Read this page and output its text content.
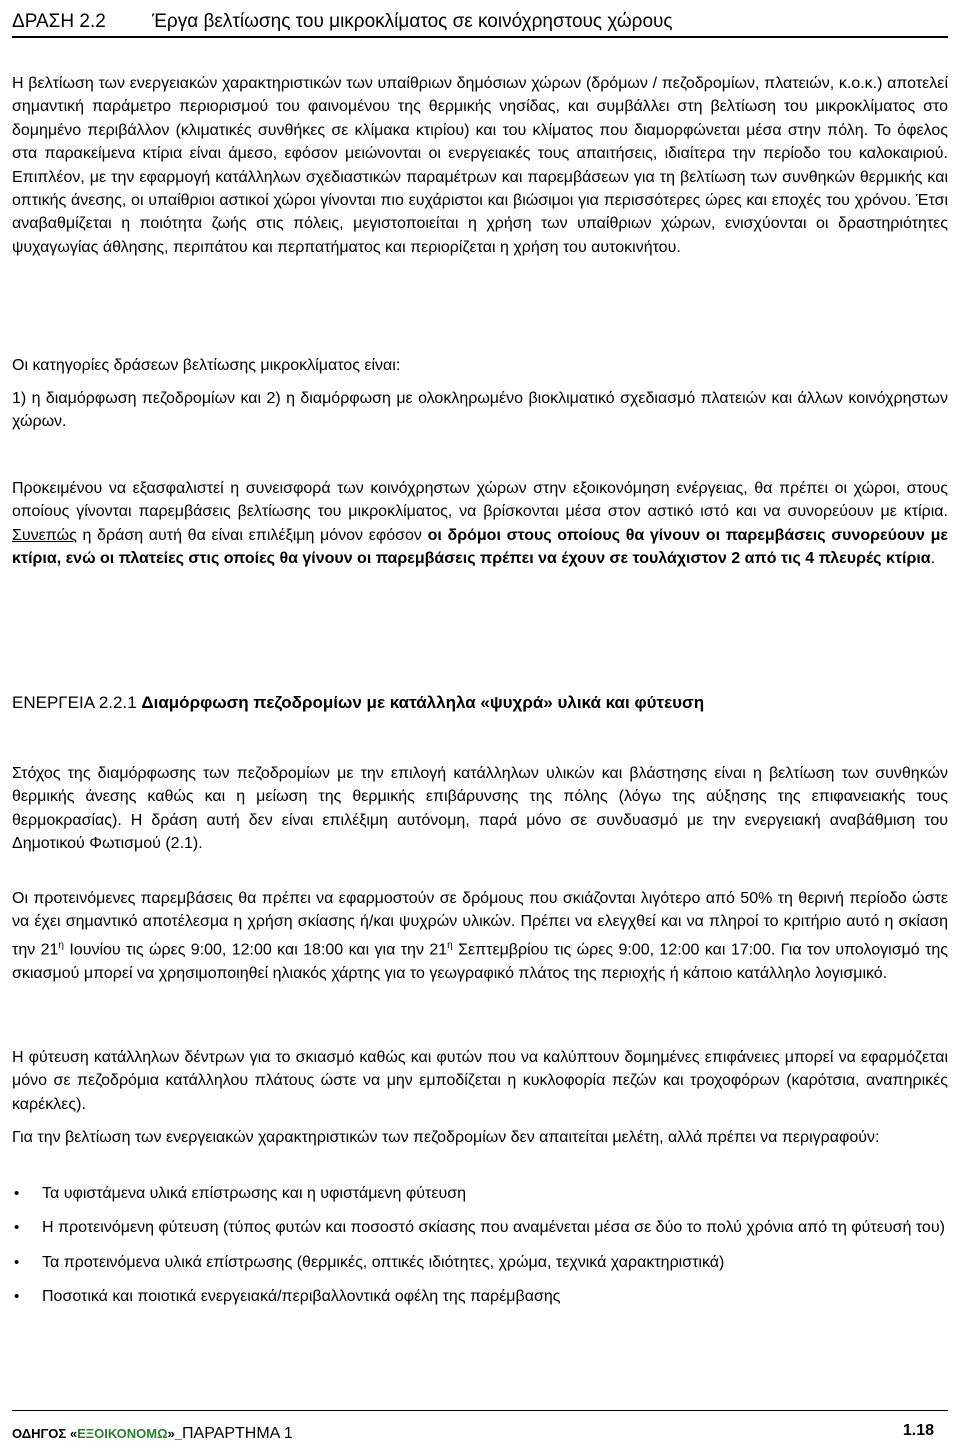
ΔΡΑΣΗ 2.2 Έργα βελτίωσης του μικροκλίματος σε κοινόχρηστους χώρους

Η βελτίωση των ενεργειακών χαρακτηριστικών των υπαίθριων δημόσιων χώρων (δρόμων / πεζοδρομίων, πλατειών, κ.ο.κ.) αποτελεί σημαντική παράμετρο περιορισμού του φαινομένου της θερμικής νησίδας, και συμβάλλει στη βελτίωση του μικροκλίματος στο δομημένο περιβάλλον (κλιματικές συνθήκες σε κλίμακα κτιρίου) και του κλίματος που διαμορφώνεται μέσα στην πόλη. Το όφελος στα παρακείμενα κτίρια είναι άμεσο, εφόσον μειώνονται οι ενεργειακές τους απαιτήσεις, ιδιαίτερα την περίοδο του καλοκαιριού. Επιπλέον, με την εφαρμογή κατάλληλων σχεδιαστικών παραμέτρων και παρεμβάσεων για τη βελτίωση των συνθηκών θερμικής και οπτικής άνεσης, οι υπαίθριοι αστικοί χώροι γίνονται πιο ευχάριστοι και βιώσιμοι για περισσότερες ώρες και εποχές του χρόνου. Έτσι αναβαθμίζεται η ποιότητα ζωής στις πόλεις, μεγιστοποιείται η χρήση των υπαίθριων χώρων, ενισχύονται οι δραστηριότητες ψυχαγωγίας άθλησης, περιπάτου και περπατήματος και περιορίζεται η χρήση του αυτοκινήτου.

Οι κατηγορίες δράσεων βελτίωσης μικροκλίματος είναι:

1) η διαμόρφωση πεζοδρομίων και 2) η διαμόρφωση με ολοκληρωμένο βιοκλιματικό σχεδιασμό πλατειών και άλλων κοινόχρηστων χώρων.

Προκειμένου να εξασφαλιστεί η συνεισφορά των κοινόχρηστων χώρων στην εξοικονόμηση ενέργειας, θα πρέπει οι χώροι, στους οποίους γίνονται παρεμβάσεις βελτίωσης του μικροκλίματος, να βρίσκονται μέσα στον αστικό ιστό και να συνορεύουν με κτίρια. Συνεπώς η δράση αυτή θα είναι επιλέξιμη μόνον εφόσον οι δρόμοι στους οποίους θα γίνουν οι παρεμβάσεις συνορεύουν με κτίρια, ενώ οι πλατείες στις οποίες θα γίνουν οι παρεμβάσεις πρέπει να έχουν σε τουλάχιστον 2 από τις 4 πλευρές κτίρια.

ΕΝΕΡΓΕΙΑ 2.2.1 Διαμόρφωση πεζοδρομίων με κατάλληλα «ψυχρά» υλικά και φύτευση

Στόχος της διαμόρφωσης των πεζοδρομίων με την επιλογή κατάλληλων υλικών και βλάστησης είναι η βελτίωση των συνθηκών θερμικής άνεσης καθώς και η μείωση της θερμικής επιβάρυνσης της πόλης (λόγω της αύξησης της επιφανειακής τους θερμοκρασίας). Η δράση αυτή δεν είναι επιλέξιμη αυτόνομη, παρά μόνο σε συνδυασμό με την ενεργειακή αναβάθμιση του Δημοτικού Φωτισμού (2.1).

Οι προτεινόμενες παρεμβάσεις θα πρέπει να εφαρμοστούν σε δρόμους που σκιάζονται λιγότερο από 50% τη θερινή περίοδο ώστε να έχει σημαντικό αποτέλεσμα η χρήση σκίασης ή/και ψυχρών υλικών. Πρέπει να ελεγχθεί και να πληροί το κριτήριο αυτό η σκίαση την $21^\eta$ Ιουνίου τις ώρες 9:00, 12:00 και 18:00 και για την $21^\eta$ Σεπτεμβρίου τις ώρες 9:00, 12:00 και 17:00. Για τον υπολογισμό της σκιασμού μπορεί να χρησιμοποιηθεί ηλιακός χάρτης για το γεωγραφικό πλάτος της περιοχής ή κάποιο κατάλληλο λογισμικό.

Η φύτευση κατάλληλων δέντρων για το σκιασμό καθώς και φυτών που να καλύπτουν δομημένες επιφάνειες μπορεί να εφαρμόζεται μόνο σε πεζοδρόμια κατάλληλου πλάτους ώστε να μην εμποδίζεται η κυκλοφορία πεζών και τροχοφόρων (καρότσια, αναπηρικές καρέκλες).

Για την βελτίωση των ενεργειακών χαρακτηριστικών των πεζοδρομίων δεν απαιτείται μελέτη, αλλά πρέπει να περιγραφούν:

• Τα υφιστάμενα υλικά επίστρωσης και η υφιστάμενη φύτευση
• Η προτεινόμενη φύτευση (τύπος φυτών και ποσοστό σκίασης που αναμένεται μέσα σε δύο το πολύ χρόνια από τη φύτευσή του)
• Τα προτεινόμενα υλικά επίστρωσης (θερμικές, οπτικές ιδιότητες, χρώμα, τεχνικά χαρακτηριστικά)
• Ποσοτικά και ποιοτικά ενεργειακά/περιβαλλοντικά οφέλη της παρέμβασης
ΟΔΗΓΟΣ «ΕΞΟΙΚΟΝΟΜΩ»_ΠΑΡΑΡΤΗΜΑ 1	1.18
